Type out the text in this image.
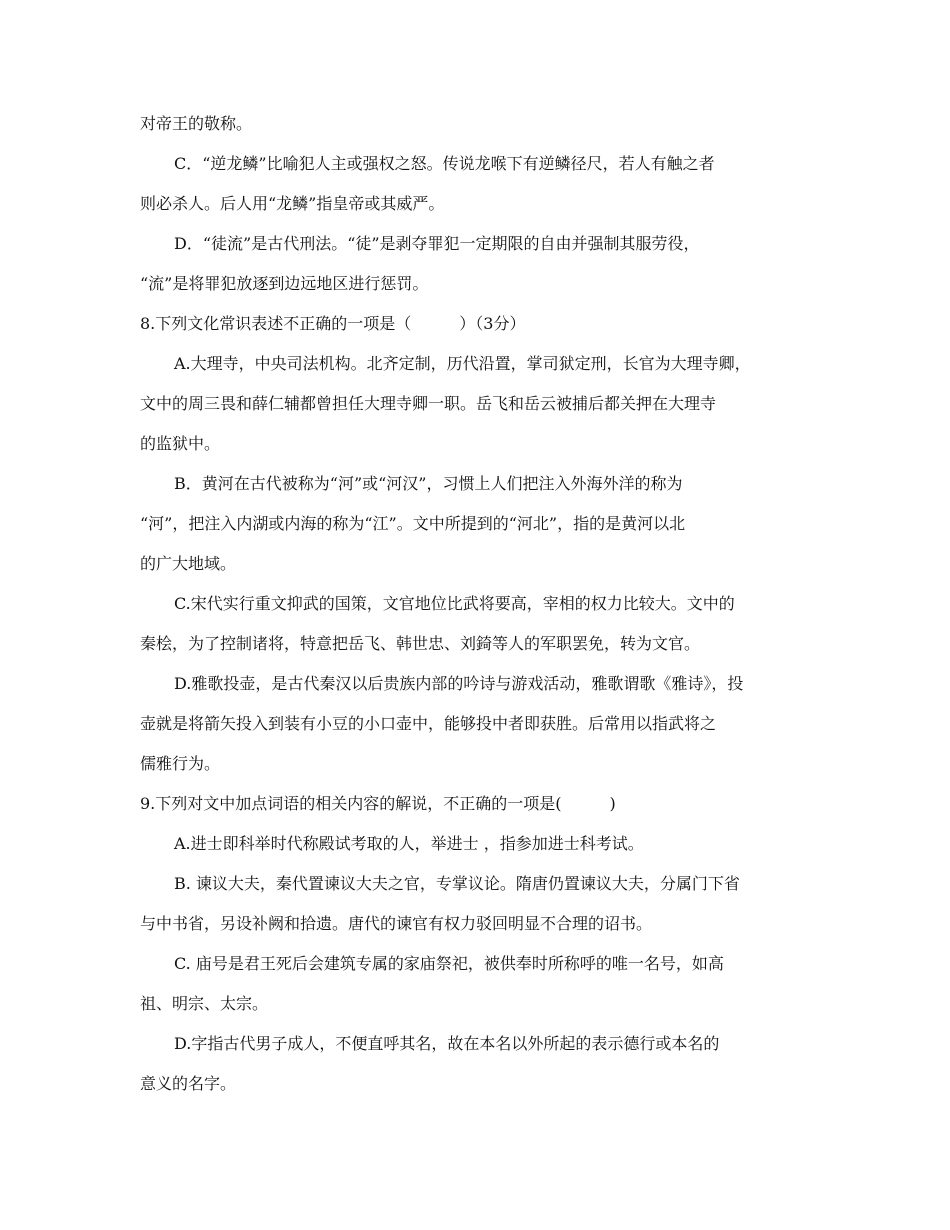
对帝王的敬称。
C．“逆龙鳞”比喻犯人主或强权之怒。传说龙喉下有逆鳞径尺，若人有触之者
则必杀人。后人用“龙鳞”指皇帝或其威严。
D．“徒流”是古代刑法。“徒”是剥夺罪犯一定期限的自由并强制其服劳役，
“流”是将罪犯放逐到边远地区进行惩罚。
8.下列文化常识表述不正确的一项是（　　　）（3分）
A.大理寺，中央司法机构。北齐定制，历代沿置，掌司狱定刑，长官为大理寺卿，
文中的周三畏和薛仁辅都曾担任大理寺卿一职。岳飞和岳云被捕后都关押在大理寺
的监狱中。
B．黄河在古代被称为“河”或“河汉”，习惯上人们把注入外海外洋的称为
“河”，把注入内湖或内海的称为“江”。文中所提到的“河北”，指的是黄河以北
的广大地域。
C.宋代实行重文抑武的国策，文官地位比武将要高，宰相的权力比较大。文中的
秦桧，为了控制诸将，特意把岳飞、韩世忠、刘錡等人的军职罢免，转为文官。
D.雅歌投壶，是古代秦汉以后贵族内部的吟诗与游戏活动，雅歌谓歌《雅诗》，投
壶就是将箭矢投入到装有小豆的小口壶中，能够投中者即获胜。后常用以指武将之
儒雅行为。
9.下列对文中加点词语的相关内容的解说，不正确的一项是(　　　)
A.进士即科举时代称殿试考取的人，举进士 ，指参加进士科考试。
B. 谏议大夫，秦代置谏议大夫之官，专掌议论。隋唐仍置谏议大夫，分属门下省
与中书省，另设补阙和拾遗。唐代的谏官有权力驳回明显不合理的诏书。
C. 庙号是君王死后会建筑专属的家庙祭祀，被供奉时所称呼的唯一名号，如高
祖、明宗、太宗。
D.字指古代男子成人，不便直呼其名，故在本名以外所起的表示德行或本名的
意义的名字。
